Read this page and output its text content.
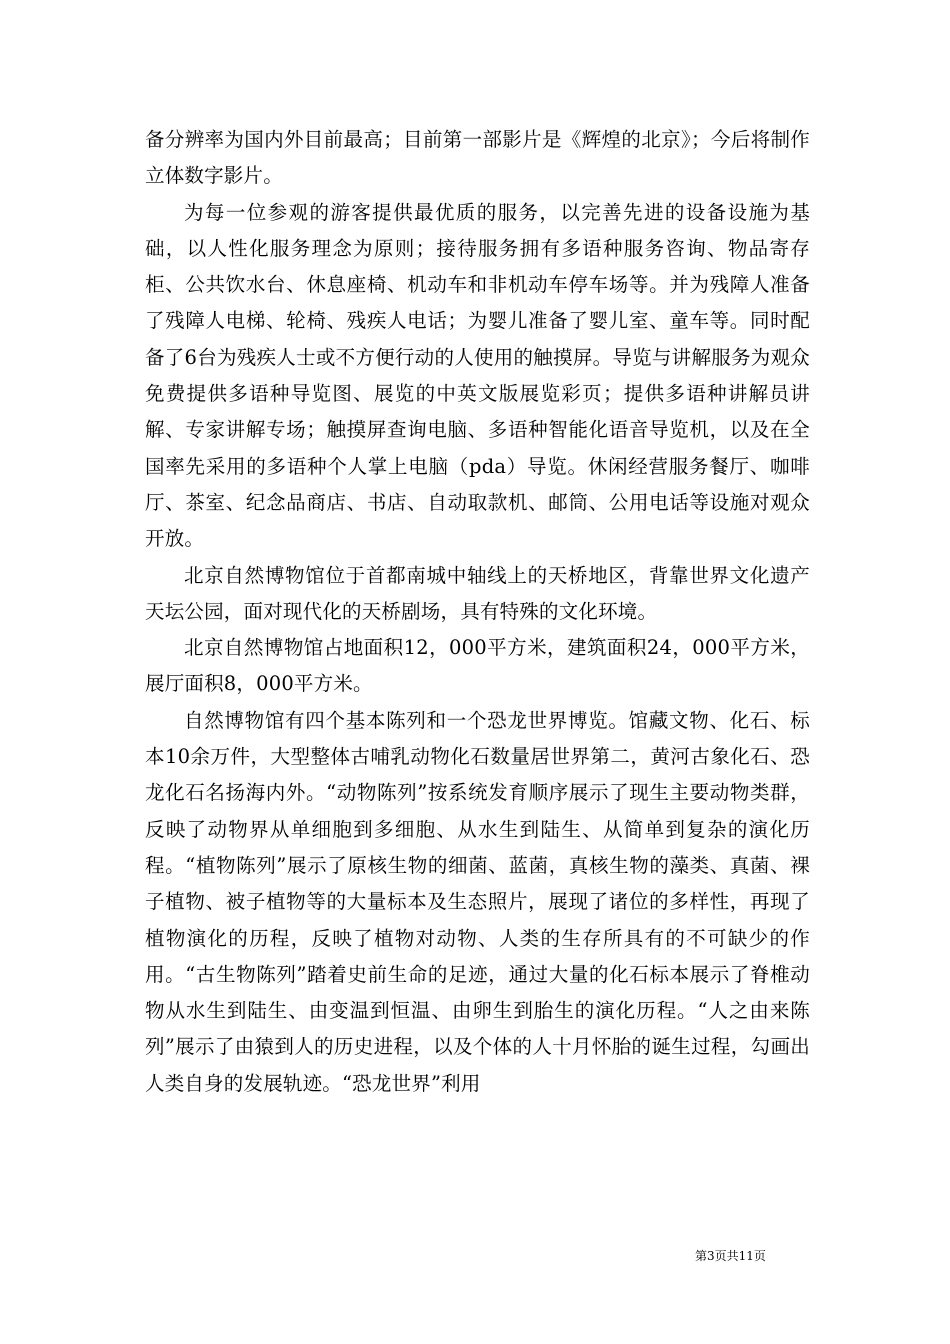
备分辨率为国内外目前最高；目前第一部影片是《辉煌的北京》；今后将制作立体数字影片。

为每一位参观的游客提供最优质的服务，以完善先进的设备设施为基础，以人性化服务理念为原则；接待服务拥有多语种服务咨询、物品寄存柜、公共饮水台、休息座椅、机动车和非机动车停车场等。并为残障人准备了残障人电梯、轮椅、残疾人电话；为婴儿准备了婴儿室、童车等。同时配备了6台为残疾人士或不方便行动的人使用的触摸屏。导览与讲解服务为观众免费提供多语种导览图、展览的中英文版展览彩页；提供多语种讲解员讲解、专家讲解专场；触摸屏查询电脑、多语种智能化语音导览机，以及在全国率先采用的多语种个人掌上电脑（pda）导览。休闲经营服务餐厅、咖啡厅、茶室、纪念品商店、书店、自动取款机、邮筒、公用电话等设施对观众开放。

北京自然博物馆位于首都南城中轴线上的天桥地区，背靠世界文化遗产天坛公园，面对现代化的天桥剧场，具有特殊的文化环境。

北京自然博物馆占地面积12，000平方米，建筑面积24，000平方米，展厅面积8，000平方米。

自然博物馆有四个基本陈列和一个恐龙世界博览。馆藏文物、化石、标本10余万件，大型整体古哺乳动物化石数量居世界第二，黄河古象化石、恐龙化石名扬海内外。“动物陈列”按系统发育顺序展示了现生主要动物类群，反映了动物界从单细胞到多细胞、从水生到陆生、从简单到复杂的演化历程。“植物陈列”展示了原核生物的细菌、蓝菌，真核生物的藻类、真菌、裸子植物、被子植物等的大量标本及生态照片，展现了诸位的多样性，再现了植物演化的历程，反映了植物对动物、人类的生存所具有的不可缺少的作用。“古生物陈列”踏着史前生命的足迹，通过大量的化石标本展示了脊椎动物从水生到陆生、由变温到恒温、由卵生到胎生的演化历程。“人之由来陈列”展示了由猿到人的历史进程，以及个体的人十月怀胎的诞生过程，勾画出人类自身的发展轨迹。“恐龙世界”利用

第3页共11页
